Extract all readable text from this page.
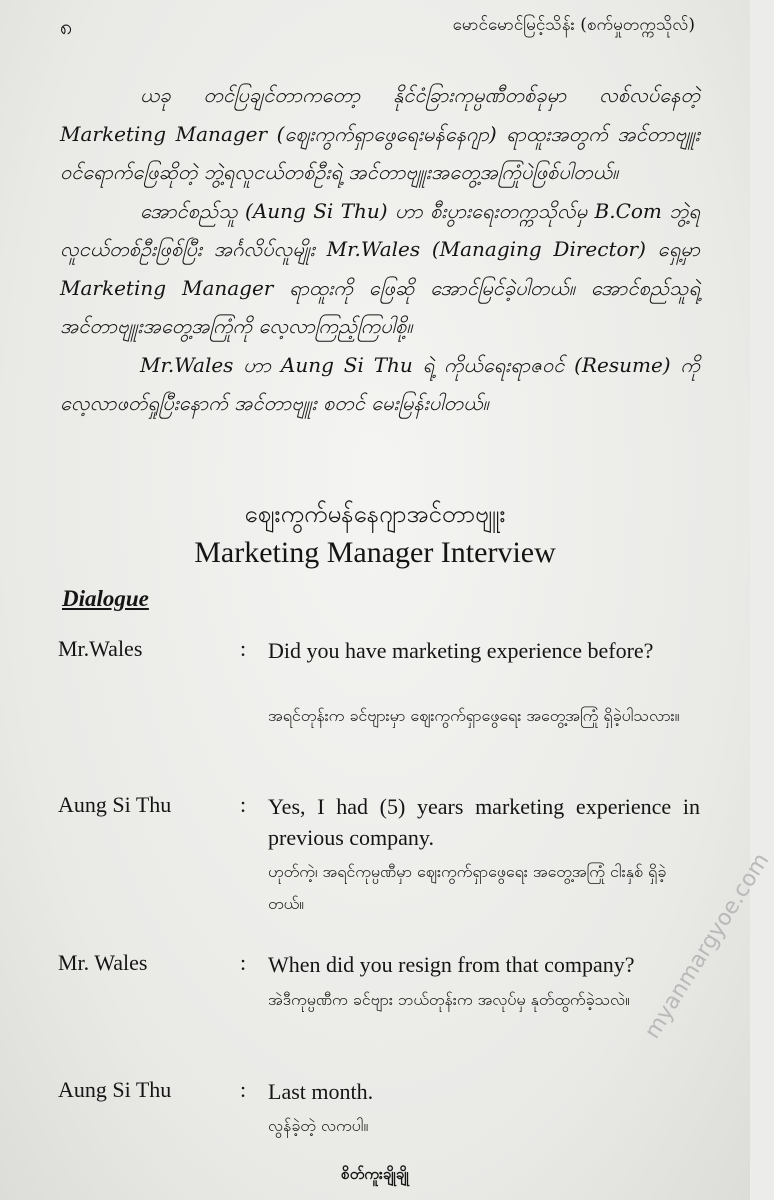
၈	မောင်မောင်မြင့်သိန်း (စက်မှုတက္ကသိုလ်)

ယခု တင်ပြချင်တာကတော့ နိုင်ငံခြားကုမ္ပဏီတစ်ခုမှာ လစ်လပ်နေတဲ့ Marketing Manager (ဈေးကွက်ရှာဖွေရေးမန်နေဂျာ) ရာထူးအတွက် အင်တာဗျူး ဝင်ရောက်ဖြေဆိုတဲ့ ဘွဲ့ရလူငယ်တစ်ဦးရဲ့ အင်တာဗျူးအတွေ့အကြုံပဲဖြစ်ပါတယ်။

အောင်စည်သူ (Aung Si Thu) ဟာ စီးပွားရေးတက္ကသိုလ်မှ B.Com ဘွဲ့ရ လူငယ်တစ်ဦးဖြစ်ပြီး အင်္ဂလိပ်လူမျိုး Mr.Wales (Managing Director) ရှေ့မှာ Marketing Manager ရာထူးကို ဖြေဆို အောင်မြင်ခဲ့ပါတယ်။ အောင်စည်သူရဲ့ အင်တာဗျူးအတွေ့အကြုံကို လေ့လာကြည့်ကြပါစို့။

Mr.Wales ဟာ Aung Si Thu ရဲ့ ကိုယ်ရေးရာဇဝင် (Resume) ကို လေ့လာဖတ်ရှုပြီးနောက် အင်တာဗျူး စတင် မေးမြန်းပါတယ်။

ဈေးကွက်မန်နေဂျာအင်တာဗျူး
Marketing Manager Interview
Dialogue
Mr.Wales	: Did you have marketing experience before?
အရင်တုန်းက ခင်ဗျားမှာ ဈေးကွက်ရှာဖွေရေး အတွေ့အကြုံ ရှိခဲ့ပါသလား။
Aung Si Thu	: Yes, I had (5) years marketing experience in previous company.
ဟုတ်ကဲ့၊ အရင်ကုမ္ပဏီမှာ ဈေးကွက်ရှာဖွေရေး အတွေ့အကြုံ ငါးနှစ် ရှိခဲ့တယ်။
Mr. Wales	: When did you resign from that company?
အဲဒီကုမ္ပဏီက ခင်ဗျား ဘယ်တုန်းက အလုပ်မှ နုတ်ထွက်ခဲ့သလဲ။
Aung Si Thu	: Last month.
လွန်ခဲ့တဲ့ လကပါ။
စိတ်ကူးချိုချို
myanmargyoe.com
